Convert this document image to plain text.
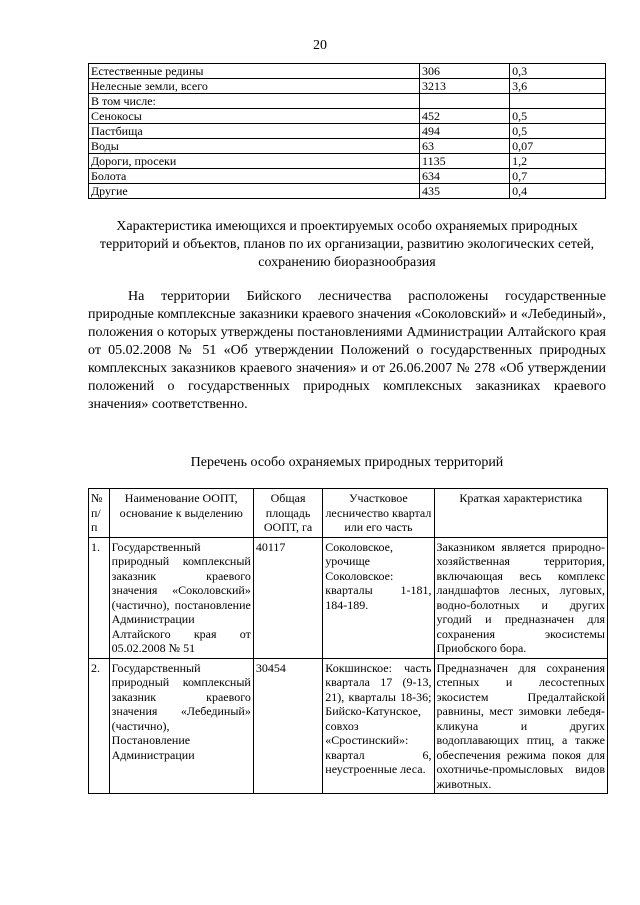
20
Естественные редины	306	0,3
Нелесные земли, всего	3213	3,6
В том числе:		
Сенокосы	452	0,5
Пастбища	494	0,5
Воды	63	0,07
Дороги, просеки	1135	1,2
Болота	634	0,7
Другие	435	0,4
Характеристика имеющихся и проектируемых особо охраняемых природных территорий и объектов, планов по их организации, развитию экологических сетей, сохранению биоразнообразия
На территории Бийского лесничества расположены государственные природные комплексные заказники краевого значения «Соколовский» и «Лебединый», положения о которых утверждены постановлениями Администрации Алтайского края от 05.02.2008 № 51 «Об утверждении Положений о государственных природных комплексных заказников краевого значения» и от 26.06.2007 № 278 «Об утверждении положений о государственных природных комплексных заказниках краевого значения» соответственно.
Перечень особо охраняемых природных территорий
№ п/п	Наименование ООПТ, основание к выделению	Общая площадь ООПТ, га	Участковое лесничество квартал или его часть	Краткая характеристика
1.	Государственный природный комплексный заказник краевого значения «Соколовский» (частично), постановление Администрации Алтайского края от 05.02.2008 № 51	40117	Соколовское, урочище Соколовское: кварталы 1-181, 184-189.	Заказником является природно-хозяйственная территория, включающая весь комплекс ландшафтов лесных, луговых, водно-болотных и других угодий и предназначен для сохранения экосистемы Приобского бора.
2.	Государственный природный комплексный заказник краевого значения «Лебединый» (частично), Постановление Администрации	30454	Кокшинское: часть квартала 17 (9-13, 21), кварталы 18-36; Бийско-Катунское, совхоз «Сростинский»: квартал 6, неустроенные леса.	Предназначен для сохранения степных и лесостепных экосистем Предалтайской равнины, мест зимовки лебедя-кликуна и других водоплавающих птиц, а также обеспечения режима покоя для охотничье-промысловых видов животных.
